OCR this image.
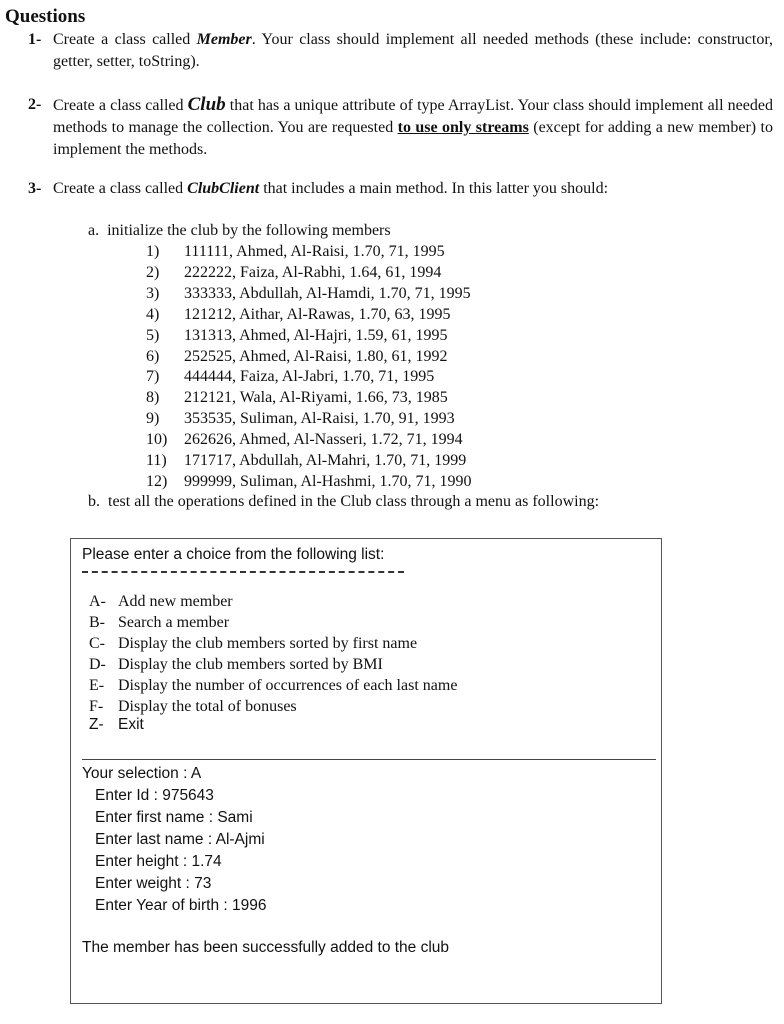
Questions
1- Create a class called Member. Your class should implement all needed methods (these include: constructor, getter, setter, toString).
2- Create a class called Club that has a unique attribute of type ArrayList. Your class should implement all needed methods to manage the collection. You are requested to use only streams (except for adding a new member) to implement the methods.
3- Create a class called ClubClient that includes a main method. In this latter you should:
a. initialize the club by the following members
1) 111111, Ahmed, Al-Raisi, 1.70, 71, 1995
2) 222222, Faiza, Al-Rabhi, 1.64, 61, 1994
3) 333333, Abdullah, Al-Hamdi, 1.70, 71, 1995
4) 121212, Aithar, Al-Rawas, 1.70, 63, 1995
5) 131313, Ahmed, Al-Hajri, 1.59, 61, 1995
6) 252525, Ahmed, Al-Raisi, 1.80, 61, 1992
7) 444444, Faiza, Al-Jabri, 1.70, 71, 1995
8) 212121, Wala, Al-Riyami, 1.66, 73, 1985
9) 353535, Suliman, Al-Raisi, 1.70, 91, 1993
10) 262626, Ahmed, Al-Nasseri, 1.72, 71, 1994
11) 171717, Abdullah, Al-Mahri, 1.70, 71, 1999
12) 999999, Suliman, Al-Hashmi, 1.70, 71, 1990
b. test all the operations defined in the Club class through a menu as following:
Please enter a choice from the following list:
A- Add new member
B- Search a member
C- Display the club members sorted by first name
D- Display the club members sorted by BMI
E- Display the number of occurrences of each last name
F- Display the total of bonuses
Z- Exit
Your selection : A
Enter Id : 975643
Enter first name : Sami
Enter last name : Al-Ajmi
Enter height : 1.74
Enter weight : 73
Enter Year of birth : 1996
The member has been successfully added to the club
